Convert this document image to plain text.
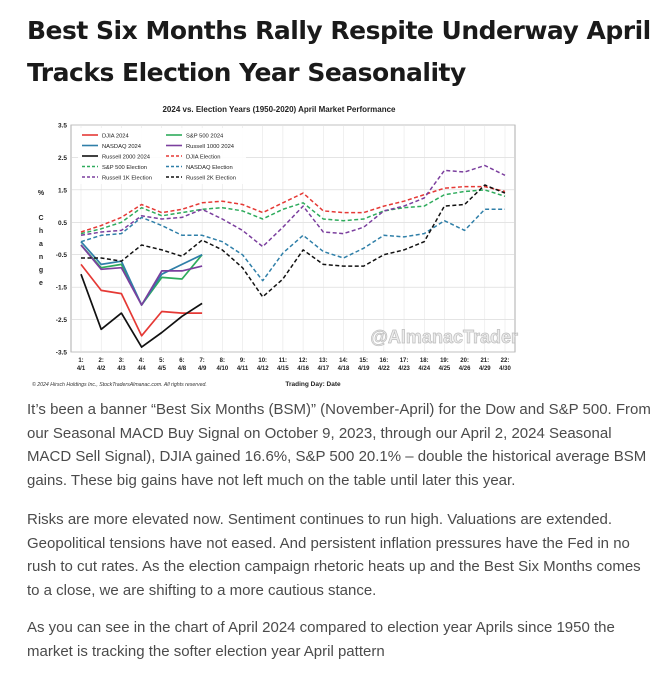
Best Six Months Rally Respite Underway April Tracks Election Year Seasonality
2024 vs. Election Years (1950-2020) April Market Performance
3.5
2.5
1.5
0.5
-0.5
-1.5
-2.5
-3.5
1:
4/1
2:
4/2
3:
4/3
4:
4/4
5:
4/5
6:
4/8
7:
4/9
8:
4/10
9:
4/11
10:
4/12
11:
4/15
12:
4/16
13:
4/17
14:
4/18
15:
4/19
16:
4/22
17:
4/23
18:
4/24
19:
4/25
20:
4/26
21:
4/29
22:
4/30
%
C
h
a
n
g
e
Trading Day: Date
© 2024 Hirsch Holdings Inc., StockTradersAlmanac.com. All rights reserved.
@AlmanacTrader
DJIA 2024	S&P 500 2024
NASDAQ 2024	Russell 1000 2024
Russell 2000 2024	DJIA Election
S&P 500 Election	NASDAQ Election
Russell 1K Election	Russell 2K Election

It’s been a banner “Best Six Months (BSM)” (November-April) for the Dow and S&P 500. From our Seasonal MACD Buy Signal on October 9, 2023, through our April 2, 2024 Seasonal MACD Sell Signal), DJIA gained 16.6%, S&P 500 20.1% – double the historical average BSM gains. These big gains have not left much on the table until later this year.

Risks are more elevated now. Sentiment continues to run high. Valuations are extended. Geopolitical tensions have not eased. And persistent inflation pressures have the Fed in no rush to cut rates. As the election campaign rhetoric heats up and the Best Six Months comes to a close, we are shifting to a more cautious stance.

As you can see in the chart of April 2024 compared to election year Aprils since 1950 the market is tracking the softer election year April pattern
